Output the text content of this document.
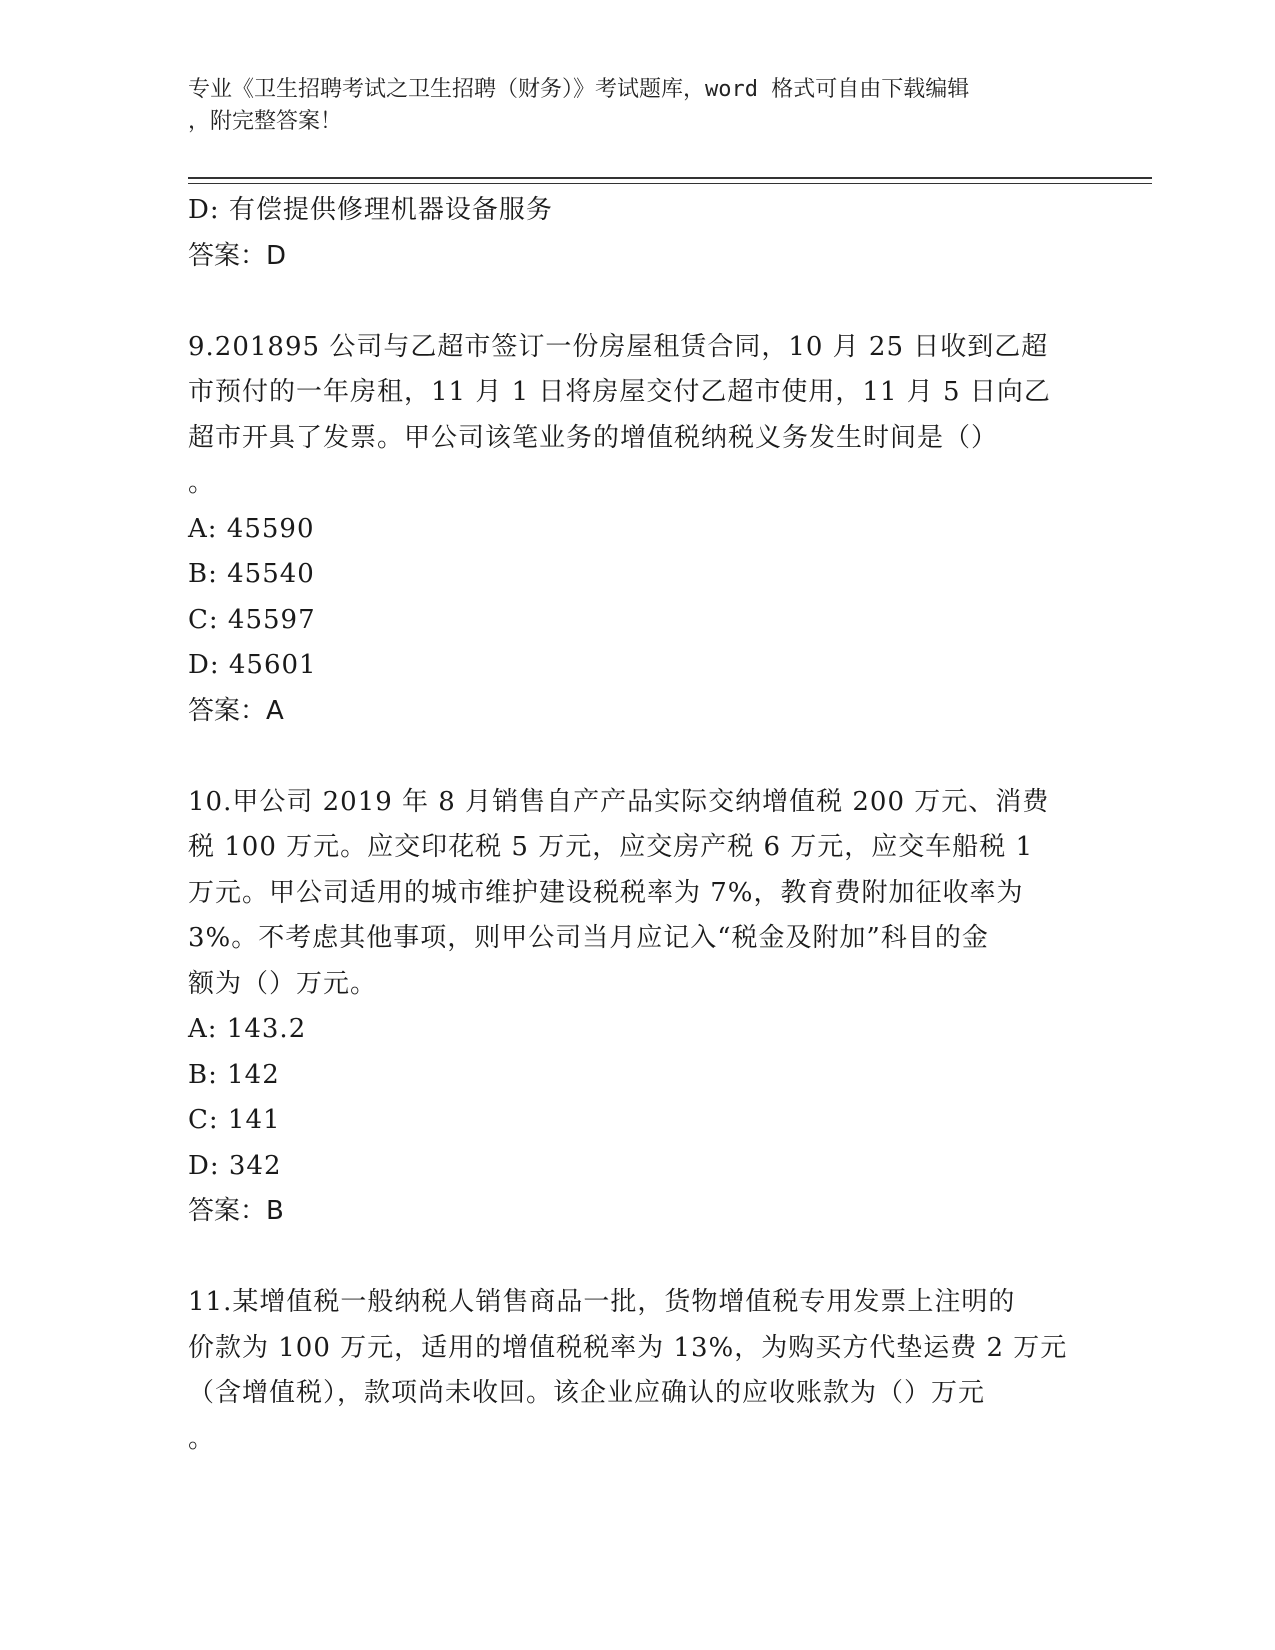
专业《卫生招聘考试之卫生招聘（财务）》考试题库，word 格式可自由下载编辑
，附完整答案！
D: 有偿提供修理机器设备服务
答案：D
9.201895 公司与乙超市签订一份房屋租赁合同，10 月 25 日收到乙超
市预付的一年房租，11 月 1 日将房屋交付乙超市使用，11 月 5 日向乙
超市开具了发票。甲公司该笔业务的增值税纳税义务发生时间是（）
。
A: 45590
B: 45540
C: 45597
D: 45601
答案：A
10.甲公司 2019 年 8 月销售自产产品实际交纳增值税 200 万元、消费
税 100 万元。应交印花税 5 万元，应交房产税 6 万元，应交车船税 1
万元。甲公司适用的城市维护建设税税率为 7%，教育费附加征收率为
3%。不考虑其他事项，则甲公司当月应记入“税金及附加”科目的金
额为（）万元。
A: 143.2
B: 142
C: 141
D: 342
答案：B
11.某增值税一般纳税人销售商品一批，货物增值税专用发票上注明的
价款为 100 万元，适用的增值税税率为 13%，为购买方代垫运费 2 万元
（含增值税），款项尚未收回。该企业应确认的应收账款为（）万元
。
